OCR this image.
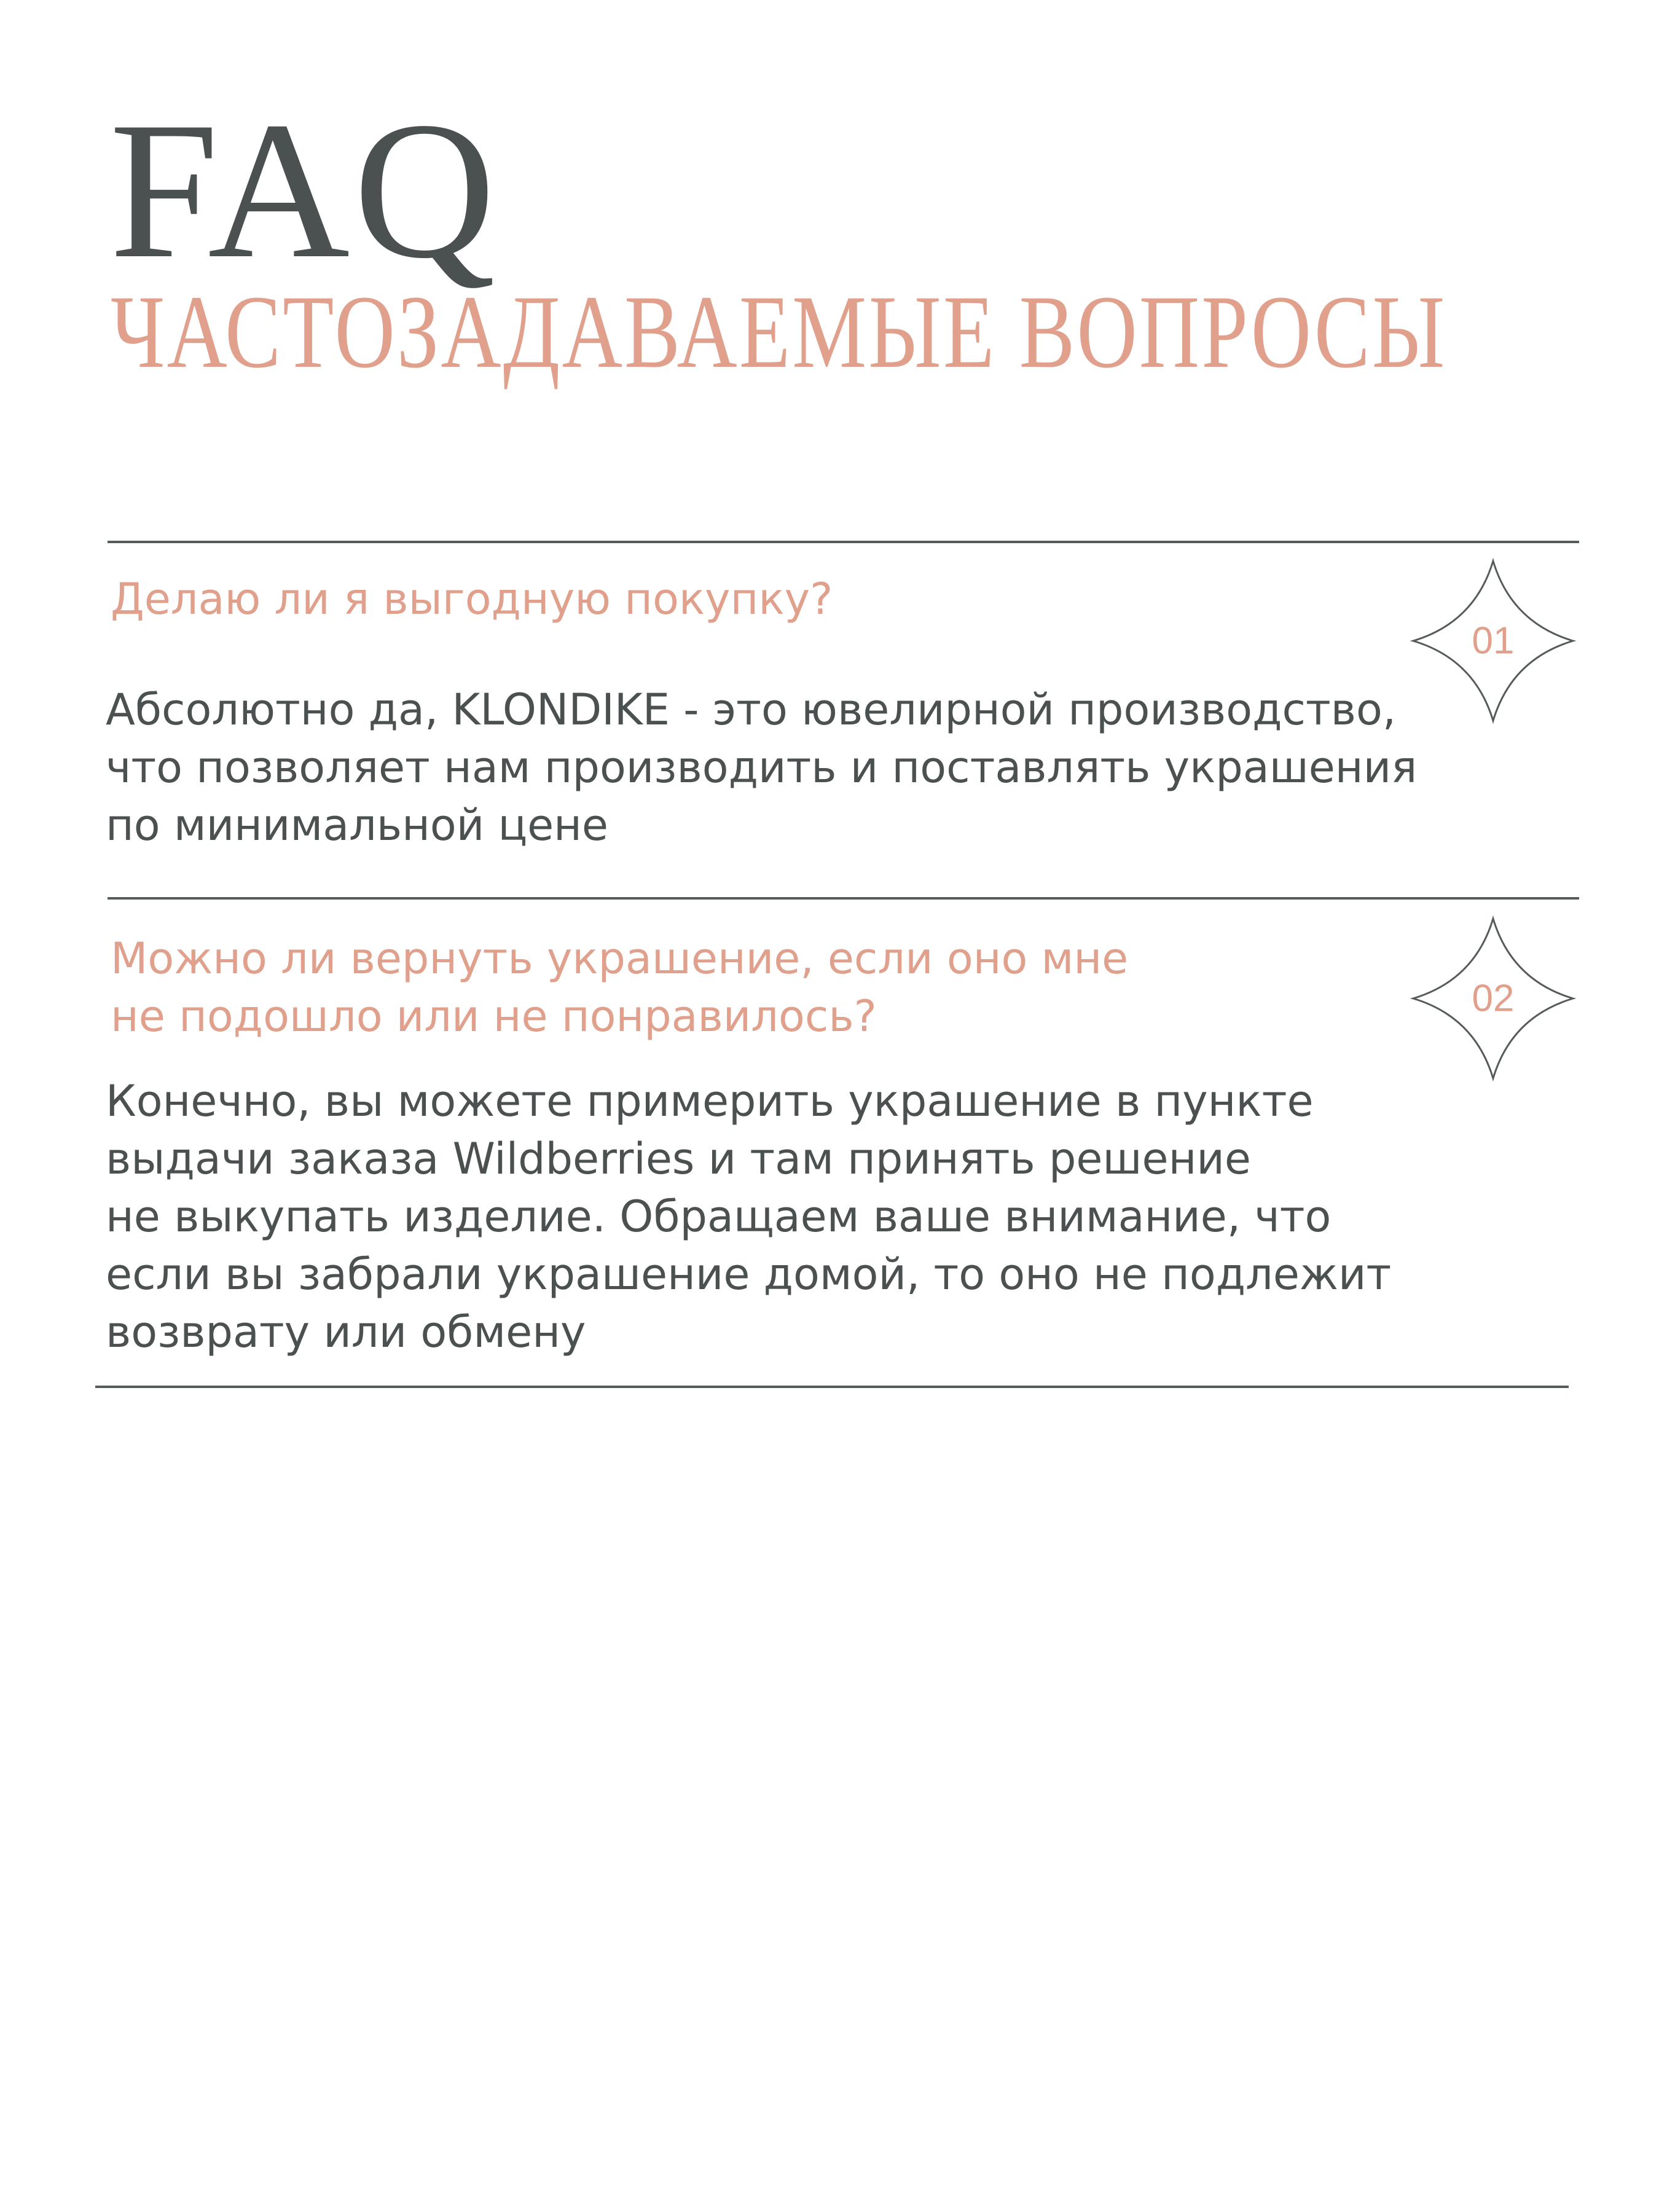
FAQ
ЧАСТОЗАДАВАЕМЫЕ ВОПРОСЫ
Делаю ли я выгодную покупку?
01
Абсолютно да, KLONDIKE - это ювелирной производство,
что позволяет нам производить и поставлять украшения
по минимальной цене
Можно ли вернуть украшение, если оно мне
не подошло или не понравилось?	02
Конечно, вы можете примерить украшение в пункте
выдачи заказа Wildberries и там принять решение
не выкупать изделие. Обращаем ваше внимание, что
если вы забрали украшение домой, то оно не подлежит
возврату или обмену
